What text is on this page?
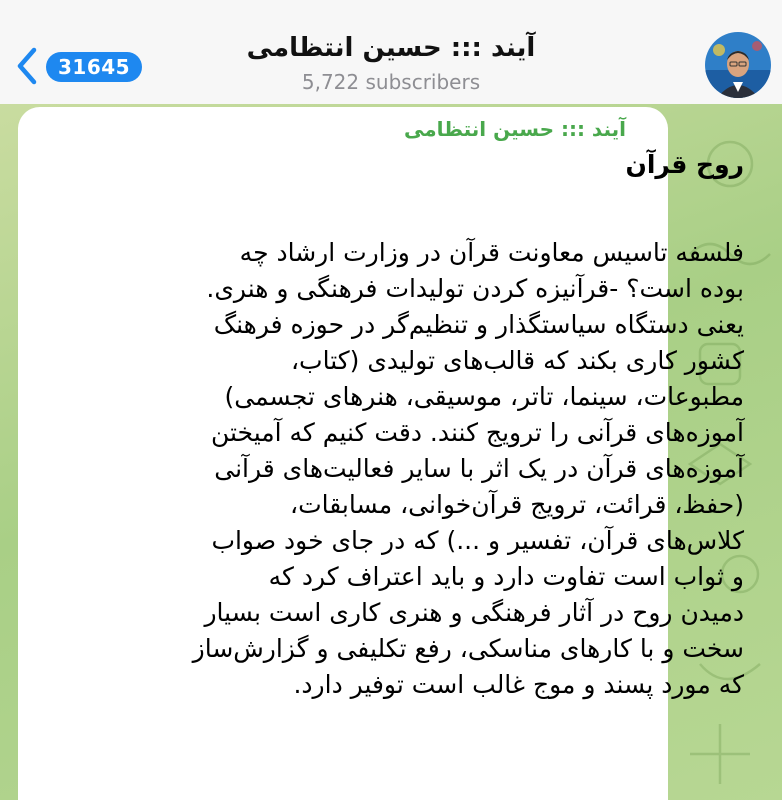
31645
آیند ::: حسین انتظامی
5,722 subscribers
آیند ::: حسین انتظامی
روح قرآن
فلسفه تاسیس معاونت قرآن در وزارت ارشاد چه
بوده است؟ -قرآنیزه کردن تولیدات فرهنگی و هنری.
یعنی دستگاه سیاستگذار و تنظیم‌گر در حوزه فرهنگ
کشور کاری بکند که قالب‌های تولیدی (کتاب،
مطبوعات، سینما، تاتر، موسیقی، هنرهای تجسمی)
آموزه‌های قرآنی را ترویج کنند. دقت کنیم که آمیختن
آموزه‌های قرآن در یک اثر با سایر فعالیت‌های قرآنی
(حفظ، قرائت، ترویج قرآن‌خوانی، مسابقات،
کلاس‌های قرآن، تفسیر و ...) که در جای خود صواب
و ثواب است تفاوت دارد و باید اعتراف کرد که
دمیدن روح در آثار فرهنگی و هنری کاری است بسیار
سخت و با کارهای مناسکی، رفع تکلیفی و گزارش‌ساز
که مورد پسند و موج غالب است توفیر دارد.
